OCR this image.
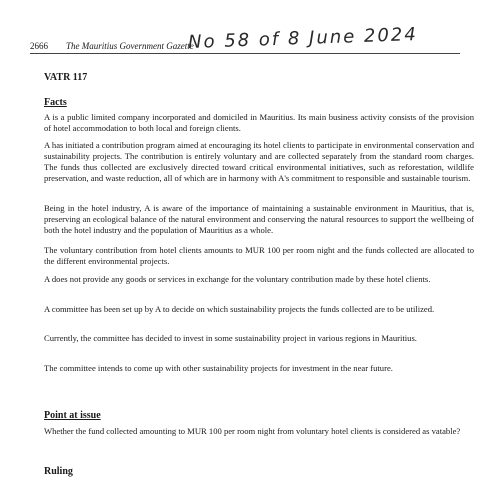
2666 The Mauritius Government Gazette
No 58 of 8 June 2024
VATR 117
Facts

A is a public limited company incorporated and domiciled in Mauritius. Its main business activity consists of the provision of hotel accommodation to both local and foreign clients.

A has initiated a contribution program aimed at encouraging its hotel clients to participate in environmental conservation and sustainability projects. The contribution is entirely voluntary and are collected separately from the standard room charges. The funds thus collected are exclusively directed toward critical environmental initiatives, such as reforestation, wildlife preservation, and waste reduction, all of which are in harmony with A's commitment to responsible and sustainable tourism.

Being in the hotel industry, A is aware of the importance of maintaining a sustainable environment in Mauritius, that is, preserving an ecological balance of the natural environment and conserving the natural resources to support the wellbeing of both the hotel industry and the population of Mauritius as a whole.

The voluntary contribution from hotel clients amounts to MUR 100 per room night and the funds collected are allocated to the different environmental projects.

A does not provide any goods or services in exchange for the voluntary contribution made by these hotel clients.

A committee has been set up by A to decide on which sustainability projects the funds collected are to be utilized.

Currently, the committee has decided to invest in some sustainability project in various regions in Mauritius.

The committee intends to come up with other sustainability projects for investment in the near future.

Point at issue

Whether the fund collected amounting to MUR 100 per room night from voluntary hotel clients is considered as vatable?

Ruling
